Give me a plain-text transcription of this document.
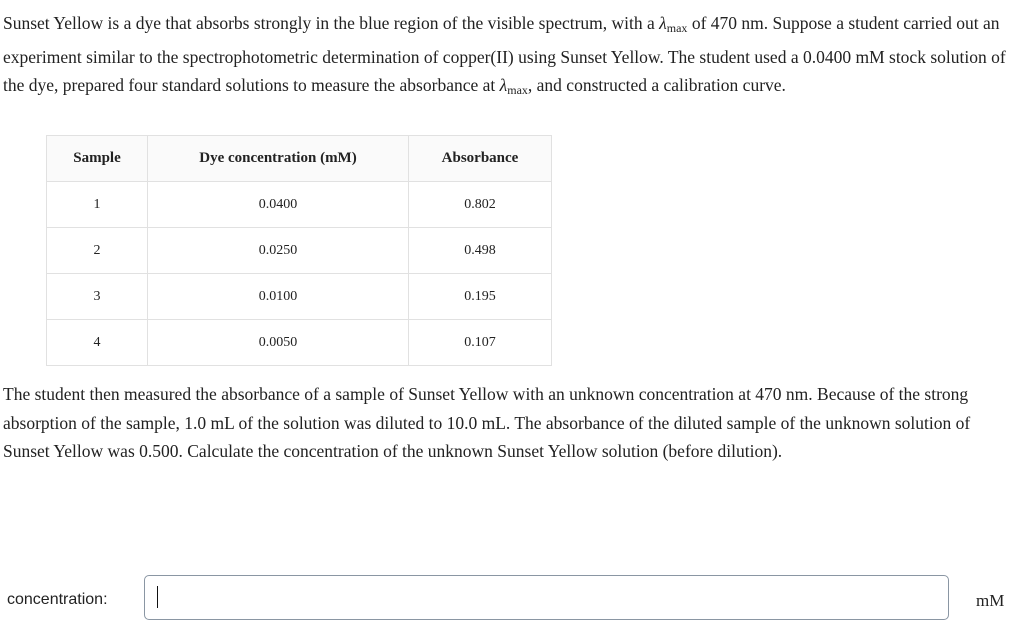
Sunset Yellow is a dye that absorbs strongly in the blue region of the visible spectrum, with a $\lambda_{max}$ of 470 nm. Suppose a student carried out an experiment similar to the spectrophotometric determination of copper(II) using Sunset Yellow. The student used a 0.0400 mM stock solution of the dye, prepared four standard solutions to measure the absorbance at $\lambda_{max}$, and constructed a calibration curve.

Sample	Dye concentration (mM)	Absorbance
1	0.0400	0.802
2	0.0250	0.498
3	0.0100	0.195
4	0.0050	0.107

The student then measured the absorbance of a sample of Sunset Yellow with an unknown concentration at 470 nm. Because of the strong absorption of the sample, 1.0 mL of the solution was diluted to 10.0 mL. The absorbance of the diluted sample of the unknown solution of Sunset Yellow was 0.500. Calculate the concentration of the unknown Sunset Yellow solution (before dilution).

concentration:	mM
